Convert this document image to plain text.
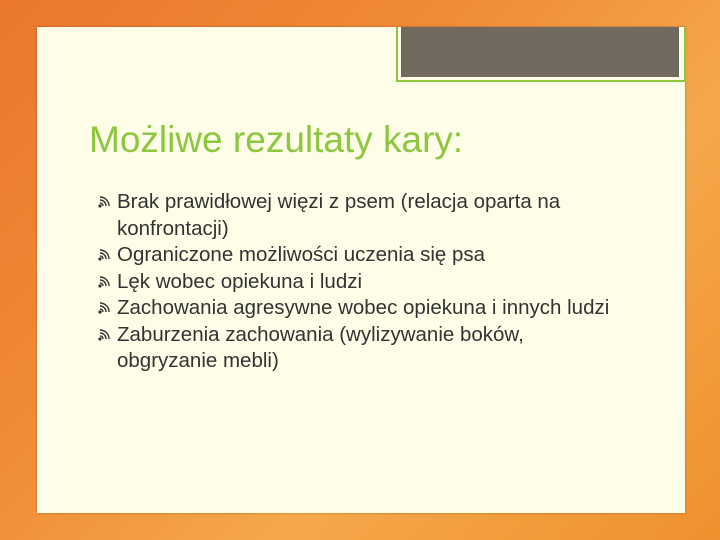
Możliwe rezultaty kary:
Brak prawidłowej więzi z psem (relacja oparta na konfrontacji)
Ograniczone możliwości uczenia się psa
Lęk wobec opiekuna i ludzi
Zachowania agresywne wobec opiekuna i innych ludzi
Zaburzenia zachowania (wylizywanie boków, obgryzanie mebli)
